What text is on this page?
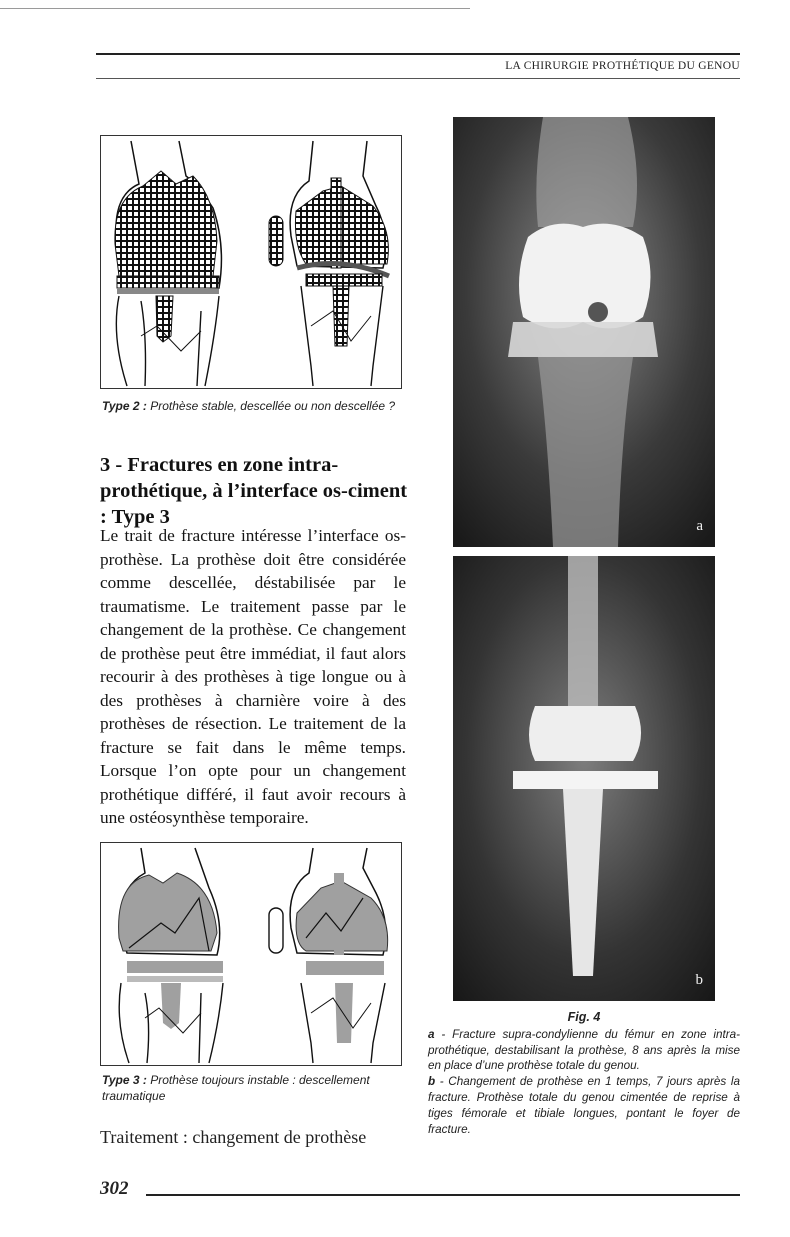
LA CHIRURGIE PROTHÉTIQUE DU GENOU
Type 2 : Prothèse stable, descellée ou non descellée ?
3 - Fractures en zone intra-prothétique, à l’interface os-ciment : Type 3
Le trait de fracture intéresse l’interface os-prothèse. La prothèse doit être considérée comme descellée, déstabilisée par le traumatisme. Le traitement passe par le changement de la prothèse. Ce changement de prothèse peut être immédiat, il faut alors recourir à des prothèses à tige longue ou à des prothèses à charnière voire à des prothèses de résection. Le traitement de la fracture se fait dans le même temps. Lorsque l’on opte pour un changement prothétique différé, il faut avoir recours à une ostéosynthèse temporaire.
Type 3 : Prothèse toujours instable : descellement traumatique
Traitement : changement de prothèse
a
b
Fig. 4

a - Fracture supra-condylienne du fémur en zone intra-prothétique, destabilisant la prothèse, 8 ans après la mise en place d’une prothèse totale du genou.

b - Changement de prothèse en 1 temps, 7 jours après la fracture. Prothèse totale du genou cimentée de reprise à tiges fémorale et tibiale longues, pontant le foyer de fracture.

302
